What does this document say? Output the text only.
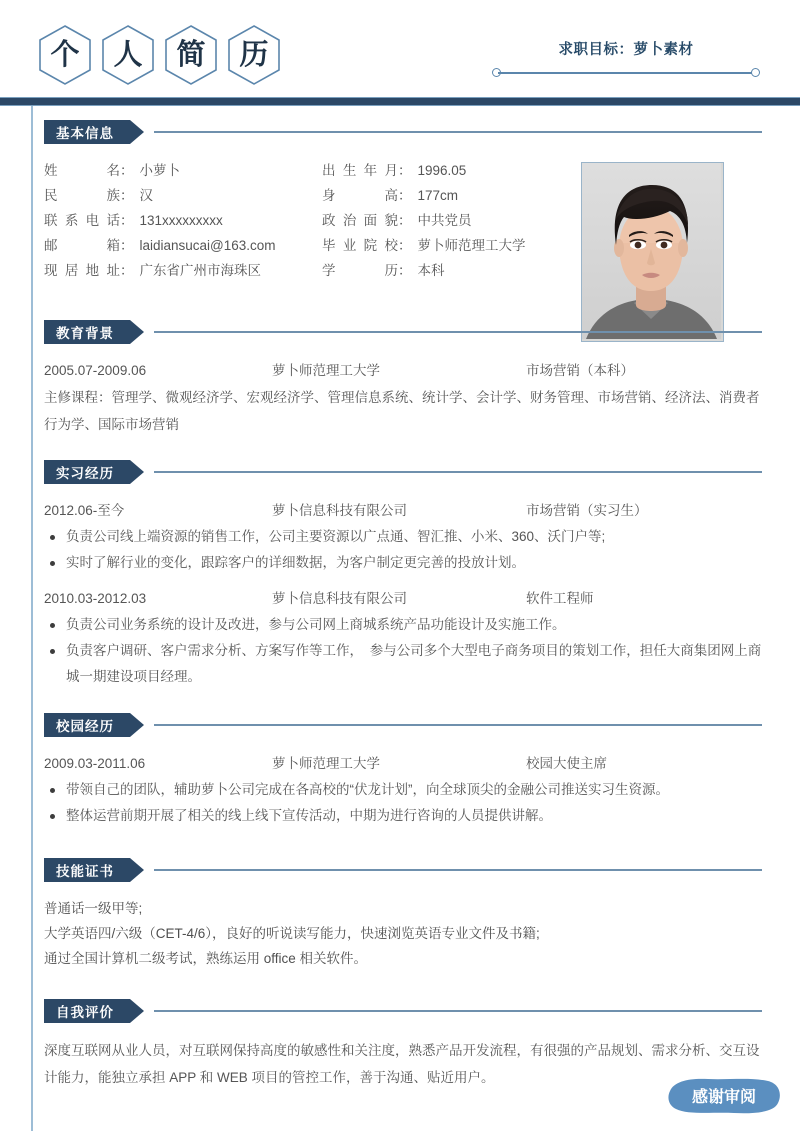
个 人 简 历	求职目标：萝卜素材
基本信息
姓名 ： 小萝卜	出生年月 ： 1996.05
民族 ： 汉	身高 ： 177cm
联系电话 ： 131xxxxxxxxx	政治面貌 ： 中共党员
邮箱 ： laidiansucai@163.com	毕业院校 ： 萝卜师范理工大学
现居地址 ： 广东省广州市海珠区	学历 ： 本科
教育背景
2005.07-2009.06	萝卜师范理工大学	市场营销（本科）
主修课程：管理学、微观经济学、宏观经济学、管理信息系统、统计学、会计学、财务管理、市场营销、经济法、消费者行为学、国际市场营销
实习经历
2012.06-至今	萝卜信息科技有限公司	市场营销（实习生）
负责公司线上端资源的销售工作，公司主要资源以广点通、智汇推、小米、360、沃门户等;
实时了解行业的变化，跟踪客户的详细数据，为客户制定更完善的投放计划。
2010.03-2012.03	萝卜信息科技有限公司	软件工程师
负责公司业务系统的设计及改进，参与公司网上商城系统产品功能设计及实施工作。
负责客户调研、客户需求分析、方案写作等工作，　参与公司多个大型电子商务项目的策划工作，担任大商集团网上商城一期建设项目经理。
校园经历
2009.03-2011.06	萝卜师范理工大学	校园大使主席
带领自己的团队，辅助萝卜公司完成在各高校的“伏龙计划”，向全球顶尖的金融公司推送实习生资源。
整体运营前期开展了相关的线上线下宣传活动，中期为进行咨询的人员提供讲解。
技能证书
普通话一级甲等;
大学英语四/六级（CET-4/6），良好的听说读写能力，快速浏览英语专业文件及书籍;
通过全国计算机二级考试，熟练运用 office 相关软件。
自我评价
深度互联网从业人员，对互联网保持高度的敏感性和关注度，熟悉产品开发流程，有很强的产品规划、需求分析、交互设计能力，能独立承担 APP 和 WEB 项目的管控工作，善于沟通、贴近用户。
感谢审阅
